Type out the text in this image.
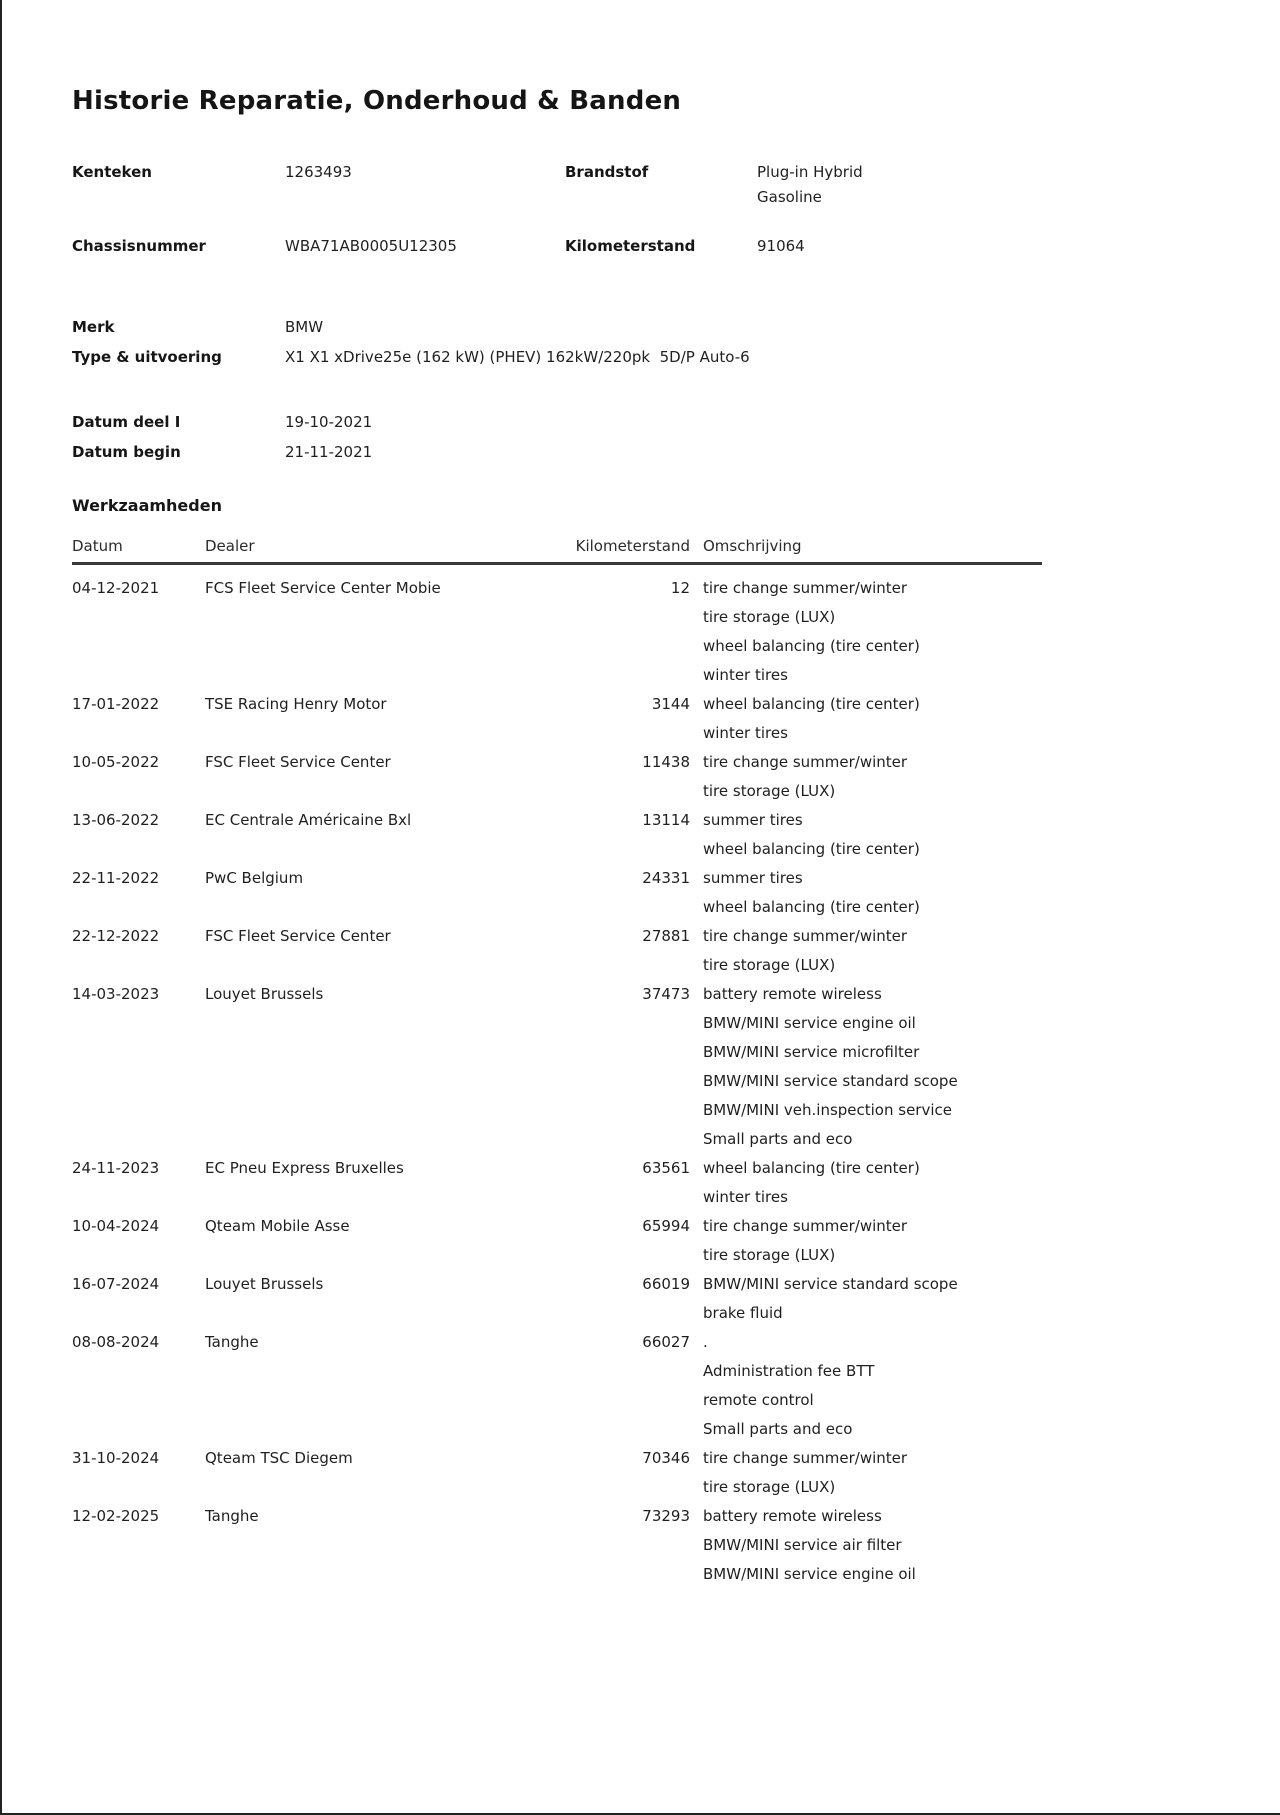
Historie Reparatie, Onderhoud & Banden
Kenteken	1263493	Brandstof	Plug-in Hybrid Gasoline
Chassisnummer	WBA71AB0005U12305	Kilometerstand	91064
Merk	BMW
Type & uitvoering	X1 X1 xDrive25e (162 kW) (PHEV) 162kW/220pk  5D/P Auto-6
Datum deel I	19-10-2021
Datum begin	21-11-2021
Werkzaamheden
Datum	Dealer	Kilometerstand Omschrijving
04-12-2021	FCS Fleet Service Center Mobie	12 tire change summer/winter
tire storage (LUX)
wheel balancing (tire center)
winter tires
17-01-2022	TSE Racing Henry Motor	3144 wheel balancing (tire center)
winter tires
10-05-2022	FSC Fleet Service Center	11438 tire change summer/winter
tire storage (LUX)
13-06-2022	EC Centrale Américaine Bxl	13114 summer tires
wheel balancing (tire center)
22-11-2022	PwC Belgium	24331 summer tires
wheel balancing (tire center)
22-12-2022	FSC Fleet Service Center	27881 tire change summer/winter
tire storage (LUX)
14-03-2023	Louyet Brussels	37473 battery remote wireless
BMW/MINI service engine oil
BMW/MINI service microfilter
BMW/MINI service standard scope
BMW/MINI veh.inspection service
Small parts and eco
24-11-2023	EC Pneu Express Bruxelles	63561 wheel balancing (tire center)
winter tires
10-04-2024	Qteam Mobile Asse	65994 tire change summer/winter
tire storage (LUX)
16-07-2024	Louyet Brussels	66019 BMW/MINI service standard scope
brake fluid
08-08-2024	Tanghe	66027 .
Administration fee BTT
remote control
Small parts and eco
31-10-2024	Qteam TSC Diegem	70346 tire change summer/winter
tire storage (LUX)
12-02-2025	Tanghe	73293 battery remote wireless
BMW/MINI service air filter
BMW/MINI service engine oil
